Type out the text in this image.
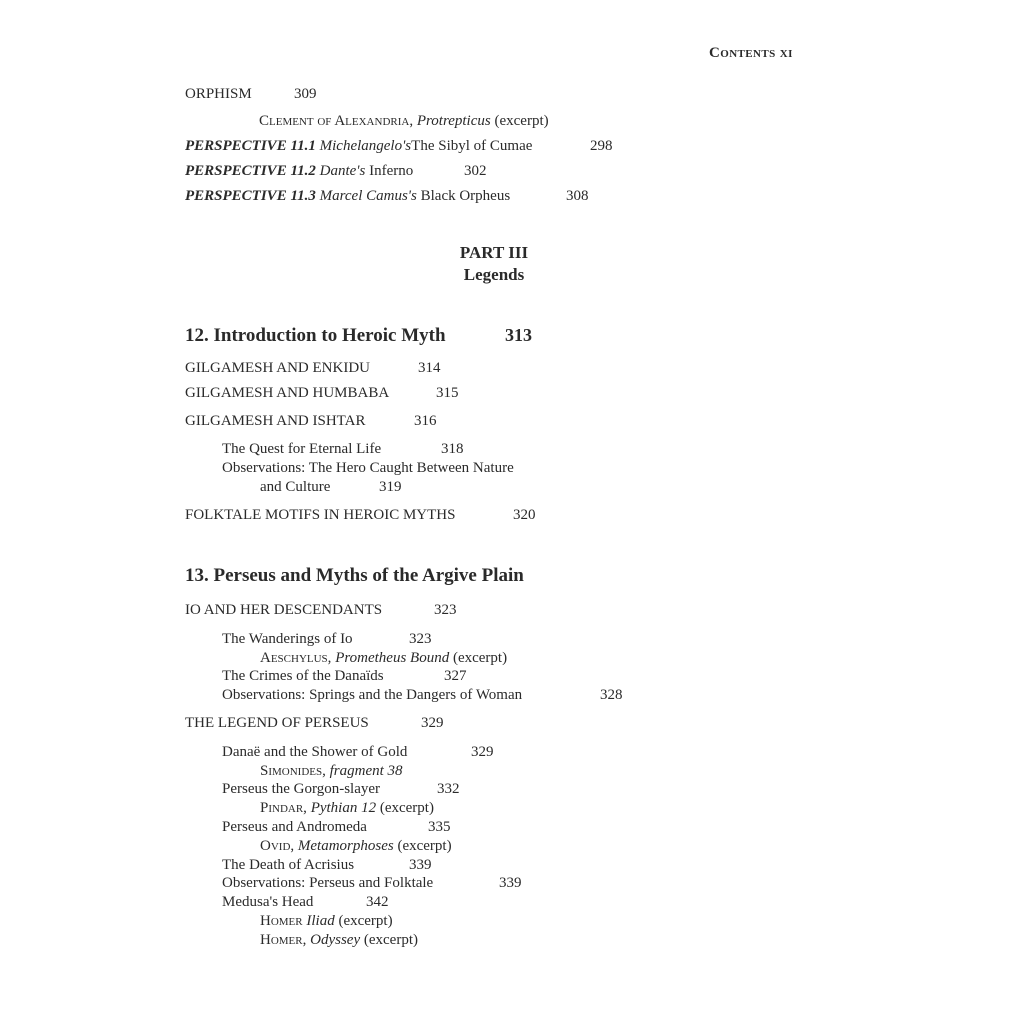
Contents xi
ORPHISM	309
Clement of Alexandria, Protrepticus (excerpt)
PERSPECTIVE 11.1 Michelangelo'sThe Sibyl of Cumae	298
PERSPECTIVE 11.2 Dante's Inferno	302
PERSPECTIVE 11.3 Marcel Camus's Black Orpheus	308
PART III
Legends
12. Introduction to Heroic Myth	313
GILGAMESH AND ENKIDU	314
GILGAMESH AND HUMBABA	315
GILGAMESH AND ISHTAR	316
The Quest for Eternal Life	318
Observations: The Hero Caught Between Nature
and Culture	319
FOLKTALE MOTIFS IN HEROIC MYTHS	320
13. Perseus and Myths of the Argive Plain
IO AND HER DESCENDANTS	323
The Wanderings of Io	323
Aeschylus, Prometheus Bound (excerpt)
The Crimes of the Danaïds	327
Observations: Springs and the Dangers of Woman	328
THE LEGEND OF PERSEUS	329
Danaë and the Shower of Gold	329
Simonides, fragment 38
Perseus the Gorgon-slayer	332
Pindar, Pythian 12 (excerpt)
Perseus and Andromeda	335
Ovid, Metamorphoses (excerpt)
The Death of Acrisius	339
Observations: Perseus and Folktale	339
Medusa's Head	342
Homer Iliad (excerpt)
Homer, Odyssey (excerpt)
